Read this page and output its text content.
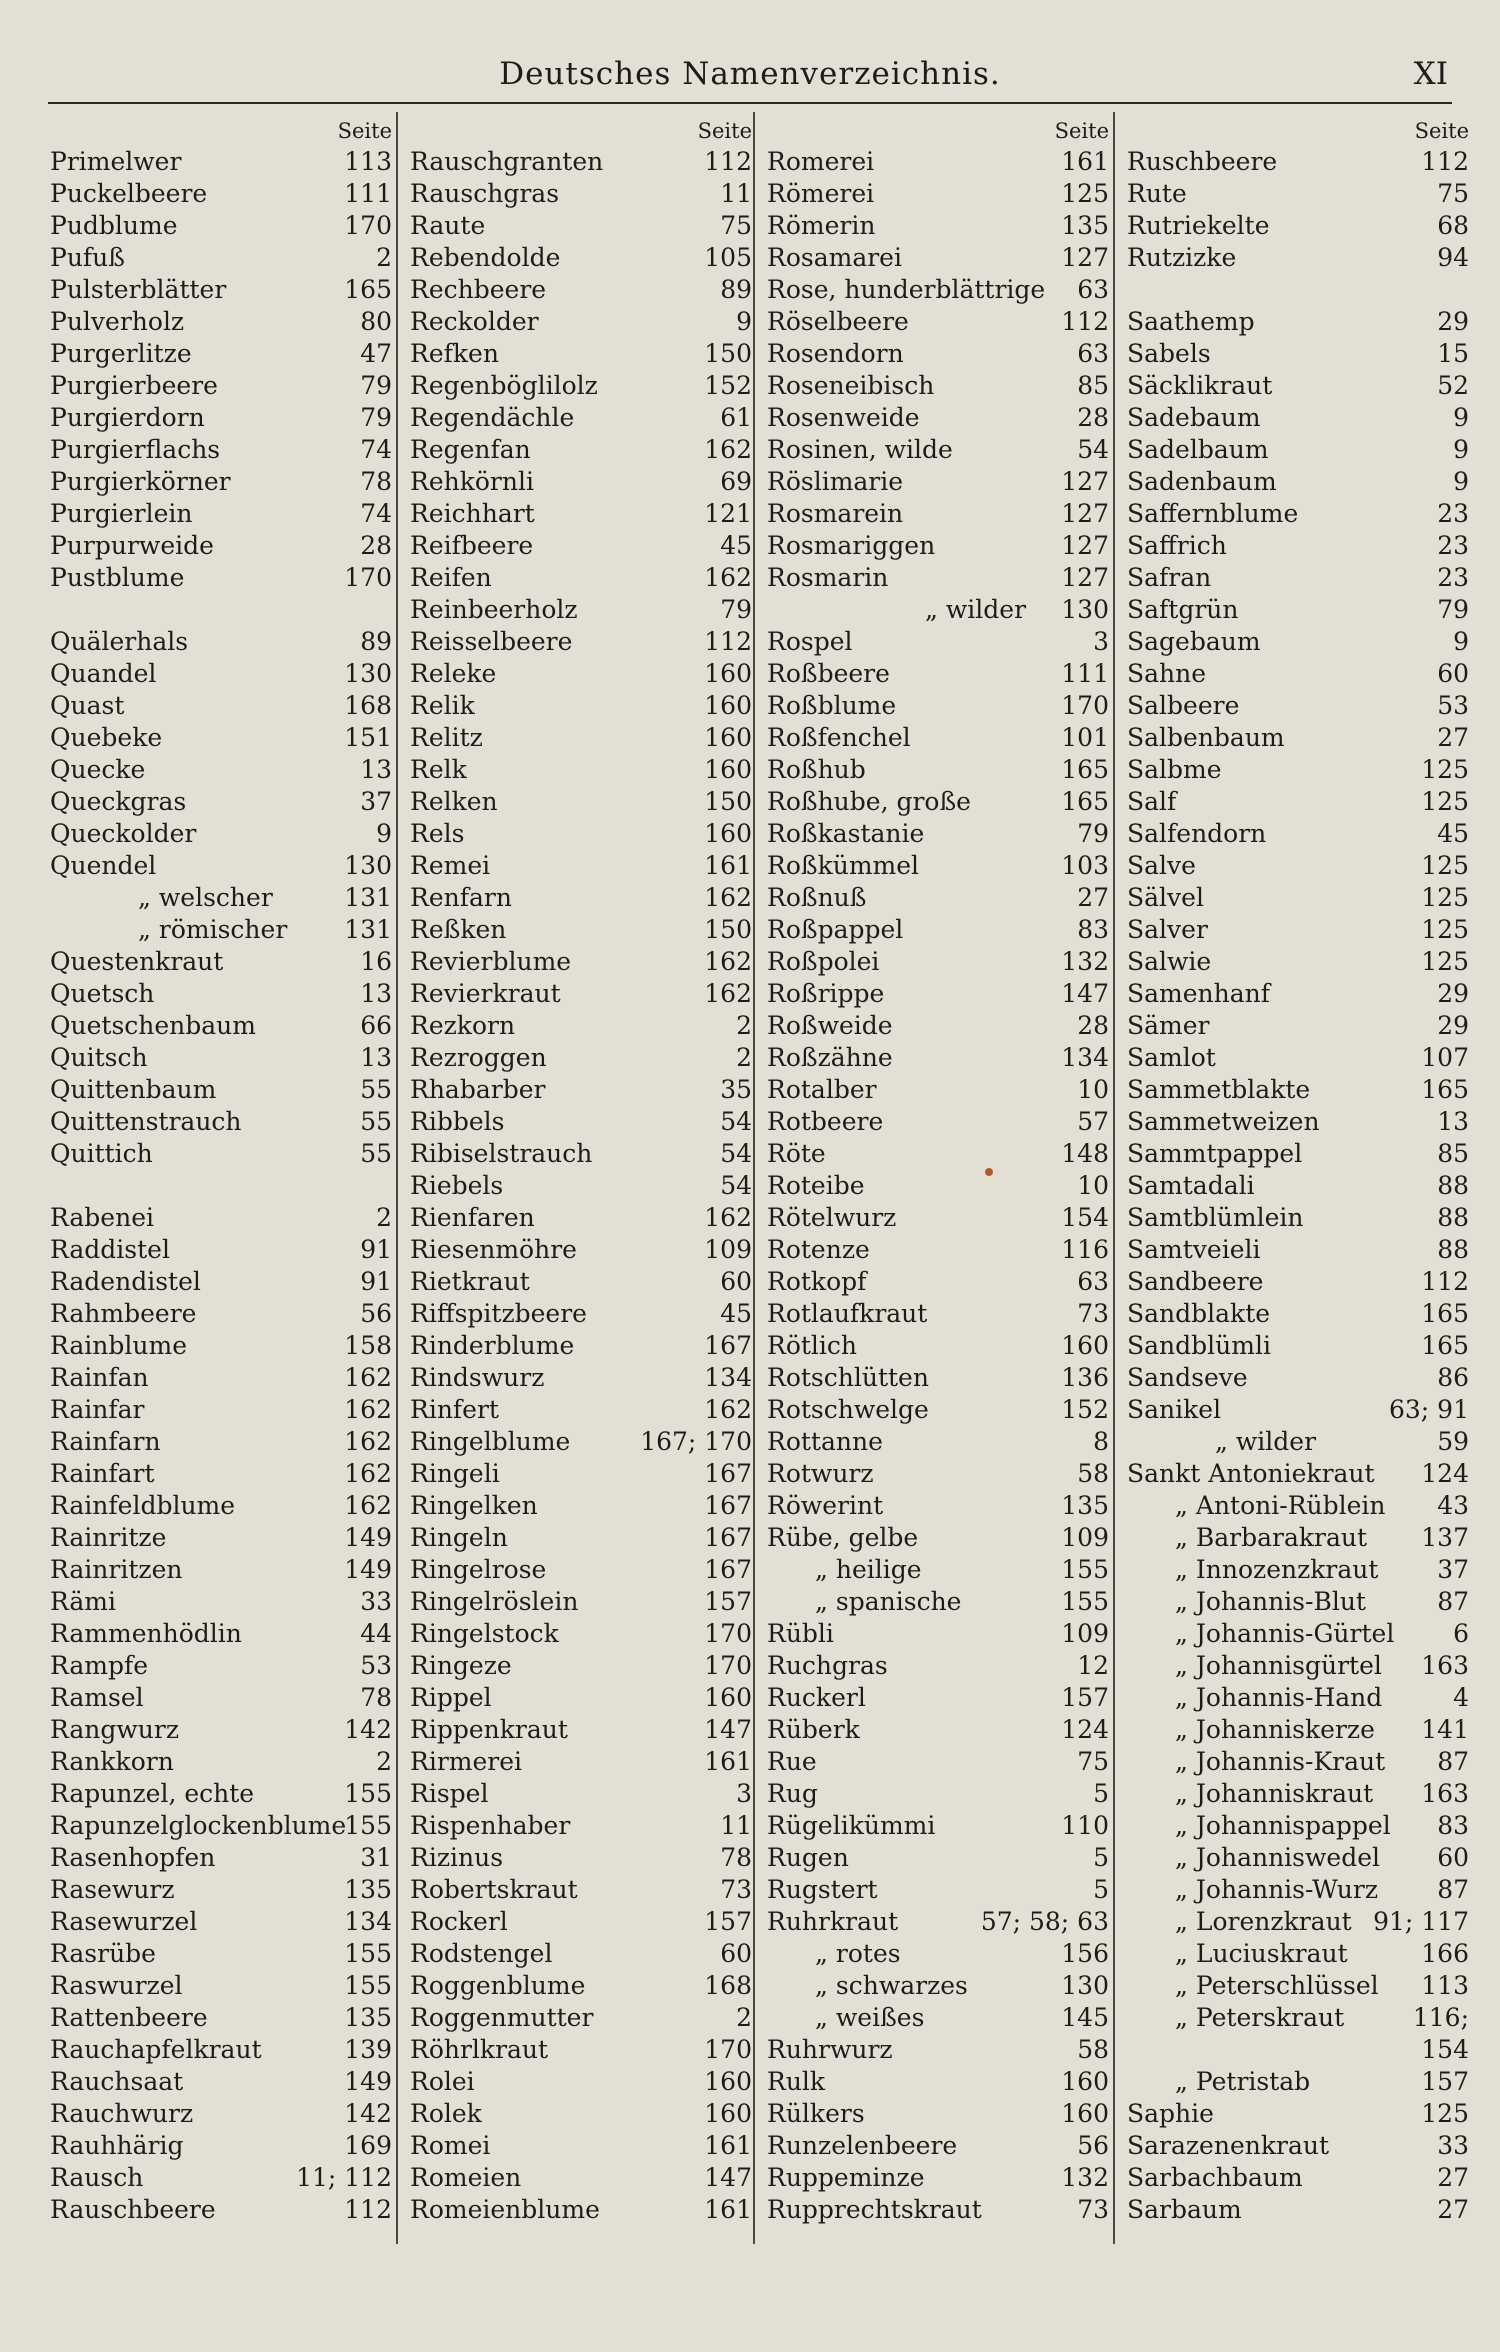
Deutsches Namenverzeichnis.	XI
Seite
Primelwer	113
Puckelbeere	111
Pudblume	170
Pufuß	2
Pulsterblätter	165
Pulverholz	80
Purgerlitze	47
Purgierbeere	79
Purgierdorn	79
Purgierflachs	74
Purgierkörner	78
Purgierlein	74
Purpurweide	28
Pustblume	170
Quälerhals	89
Quandel	130
Quast	168
Quebeke	151
Quecke	13
Queckgras	37
Queckolder	9
Quendel	130
„ welscher	131
„ römischer 131
Questenkraut	16
Quetsch	13
Quetschenbaum	66
Quitsch	13
Quittenbaum	55
Quittenstrauch	55
Quittich	55
Rabenei	2
Raddistel	91
Radendistel	91
Rahmbeere	56
Rainblume	158
Rainfan	162
Rainfar	162
Rainfarn	162
Rainfart	162
Rainfeldblume	162
Rainritze	149
Rainritzen	149
Rämi	33
Rammenhödlin	44
Rampfe	53
Ramsel	78
Rangwurz	142
Rankkorn	2
Rapunzel, echte	155
Rapunzelglockenblume
155
Rasenhopfen	31
Rasewurz	135
Rasewurzel	134
Rasrübe	155
Raswurzel	155
Rattenbeere	135
Rauchapfelkraut	139
Rauchsaat	149
Rauchwurz	142
Rauhhärig	169
Rausch	11; 112
Rauschbeere	112
Seite
Rauschgranten	112
Rauschgras	11
Raute	75
Rebendolde	105
Rechbeere	89
Reckolder	9
Refken	150
Regenböglilolz	152
Regendächle	61
Regenfan	162
Rehkörnli	69
Reichhart	121
Reifbeere	45
Reifen	162
Reinbeerholz	79
Reisselbeere	112
Releke	160
Relik	160
Relitz	160
Relk	160
Relken	150
Rels	160
Remei	161
Renfarn	162
Reßken	150
Revierblume	162
Revierkraut	162
Rezkorn	2
Rezroggen	2
Rhabarber	35
Ribbels	54
Ribiselstrauch	54
Riebels	54
Rienfaren	162
Riesenmöhre	109
Rietkraut	60
Riffspitzbeere	45
Rinderblume	167
Rindswurz	134
Rinfert	162
Ringelblume	167; 170
Ringeli	167
Ringelken	167
Ringeln	167
Ringelrose	167
Ringelröslein	157
Ringelstock	170
Ringeze	170
Rippel	160
Rippenkraut	147
Rirmerei	161
Rispel	3
Rispenhaber	11
Rizinus	78
Robertskraut	73
Rockerl	157
Rodstengel	60
Roggenblume	168
Roggenmutter	2
Röhrlkraut	170
Rolei	160
Rolek	160
Romei	161
Romeien	147
Romeienblume	161
Seite
Romerei	161
Römerei	125
Römerin	135
Rosamarei	127
Rose, hunderblättrige 63
Röselbeere	112
Rosendorn	63
Roseneibisch	85
Rosenweide	28
Rosinen, wilde	54
Röslimarie	127
Rosmarein	127
Rosmariggen	127
Rosmarin	127
„ wilder 130
Rospel	3
Roßbeere	111
Roßblume	170
Roßfenchel	101
Roßhub	165
Roßhube, große	165
Roßkastanie	79
Roßkümmel	103
Roßnuß	27
Roßpappel	83
Roßpolei	132
Roßrippe	147
Roßweide	28
Roßzähne	134
Rotalber	10
Rotbeere	57
Röte	148
Roteibe	10
Rötelwurz	154
Rotenze	116
Rotkopf	63
Rotlaufkraut	73
Rötlich	160
Rotschlütten	136
Rotschwelge	152
Rottanne	8
Rotwurz	58
Röwerint	135
Rübe, gelbe	109
„ heilige	155
„ spanische	155
Rübli	109
Ruchgras	12
Ruckerl	157
Rüberk	124
Rue	75
Rug	5
Rügelikümmi	110
Rugen	5
Rugstert	5
Ruhrkraut	57; 58; 63
„ rotes	156
„ schwarzes	130
„ weißes	145
Ruhrwurz	58
Rulk	160
Rülkers	160
Runzelenbeere	56
Ruppeminze	132
Rupprechtskraut	73
Seite
Ruschbeere	112
Rute	75
Rutriekelte	68
Rutzizke	94
Saathemp	29
Sabels	15
Säcklikraut	52
Sadebaum	9
Sadelbaum	9
Sadenbaum	9
Saffernblume	23
Saffrich	23
Safran	23
Saftgrün	79
Sagebaum	9
Sahne	60
Salbeere	53
Salbenbaum	27
Salbme	125
Salf	125
Salfendorn	45
Salve	125
Sälvel	125
Salver	125
Salwie	125
Samenhanf	29
Sämer	29
Samlot	107
Sammetblakte	165
Sammetweizen	13
Sammtpappel	85
Samtadali	88
Samtblümlein	88
Samtveieli	88
Sandbeere	112
Sandblakte	165
Sandblümli	165
Sandseve	86
Sanikel	63; 91
„ wilder	59
Sankt Antoniekraut 124
„ Antoni-Rüblein 43
„ Barbarakraut 137
„ Innozenzkraut 37
„ Johannis-Blut	87
„ Johannis-Gürtel 6
„ Johannisgürtel 163
„ Johannis-Hand	4
„ Johanniskerze 141
„ Johannis-Kraut 87
„ Johanniskraut 163
„ Johannispappel 83
„ Johanniswedel 60
„ Johannis-Wurz 87
„ Lorenzkraut 91; 117
„ Luciuskraut	166
„ Peterschlüssel 113
„ Peterskraut	116;
154
„ Petristab	157
Saphie	125
Sarazenenkraut	33
Sarbachbaum	27
Sarbaum	27
